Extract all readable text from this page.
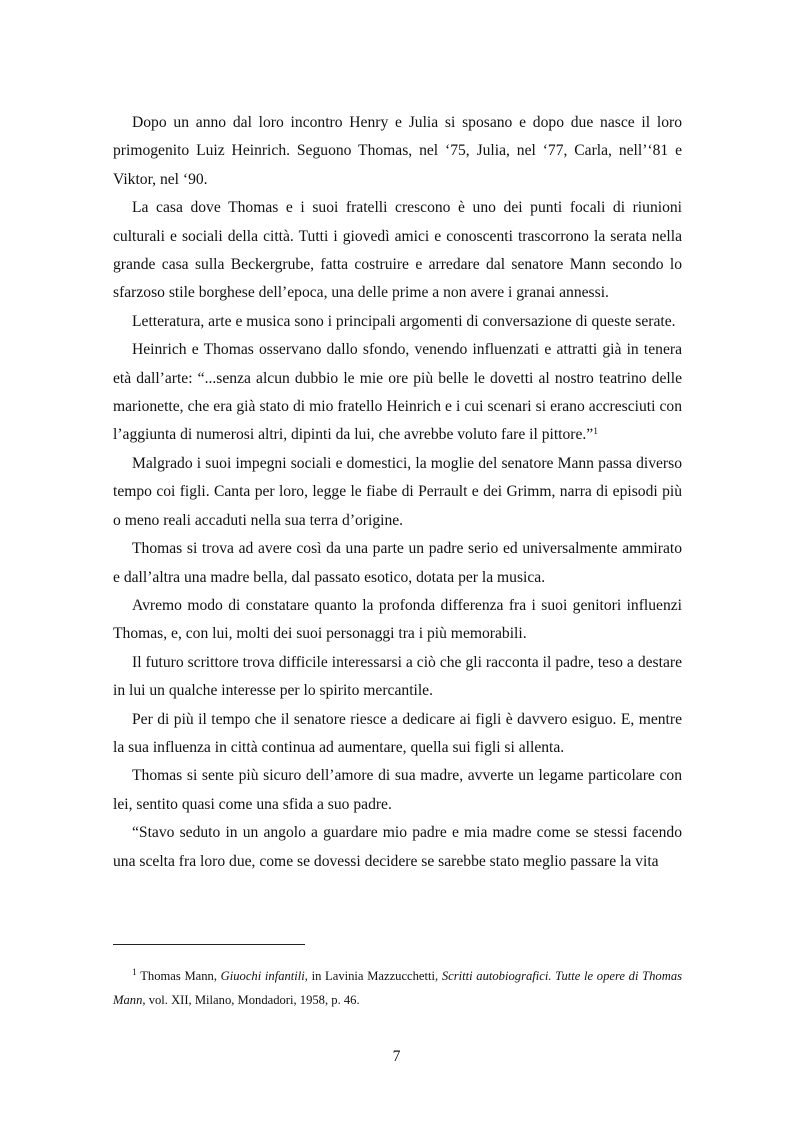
Dopo un anno dal loro incontro Henry e Julia si sposano e dopo due nasce il loro primogenito Luiz Heinrich. Seguono Thomas, nel ‘75, Julia, nel ‘77, Carla, nell’‘81 e Viktor, nel ‘90.

La casa dove Thomas e i suoi fratelli crescono è uno dei punti focali di riunioni culturali e sociali della città. Tutti i giovedì amici e conoscenti trascorrono la serata nella grande casa sulla Beckergrube, fatta costruire e arredare dal senatore Mann secondo lo sfarzoso stile borghese dell’epoca, una delle prime a non avere i granai annessi.

Letteratura, arte e musica sono i principali argomenti di conversazione di queste serate.

Heinrich e Thomas osservano dallo sfondo, venendo influenzati e attratti già in tenera età dall’arte: “...senza alcun dubbio le mie ore più belle le dovetti al nostro teatrino delle marionette, che era già stato di mio fratello Heinrich e i cui scenari si erano accresciuti con l’aggiunta di numerosi altri, dipinti da lui, che avrebbe voluto fare il pittore.”$^1$

Malgrado i suoi impegni sociali e domestici, la moglie del senatore Mann passa diverso tempo coi figli. Canta per loro, legge le fiabe di Perrault e dei Grimm, narra di episodi più o meno reali accaduti nella sua terra d’origine.

Thomas si trova ad avere così da una parte un padre serio ed universalmente ammirato e dall’altra una madre bella, dal passato esotico, dotata per la musica.

Avremo modo di constatare quanto la profonda differenza fra i suoi genitori influenzi Thomas, e, con lui, molti dei suoi personaggi tra i più memorabili.

Il futuro scrittore trova difficile interessarsi a ciò che gli racconta il padre, teso a destare in lui un qualche interesse per lo spirito mercantile.

Per di più il tempo che il senatore riesce a dedicare ai figli è davvero esiguo. E, mentre la sua influenza in città continua ad aumentare, quella sui figli si allenta.

Thomas si sente più sicuro dell’amore di sua madre, avverte un legame particolare con lei, sentito quasi come una sfida a suo padre.

“Stavo seduto in un angolo a guardare mio padre e mia madre come se stessi facendo una scelta fra loro due, come se dovessi decidere se sarebbe stato meglio passare la vita

$^1$ Thomas Mann, Giuochi infantili, in Lavinia Mazzucchetti, Scritti autobiografici. Tutte le opere di Thomas Mann, vol. XII, Milano, Mondadori, 1958, p. 46.

7
